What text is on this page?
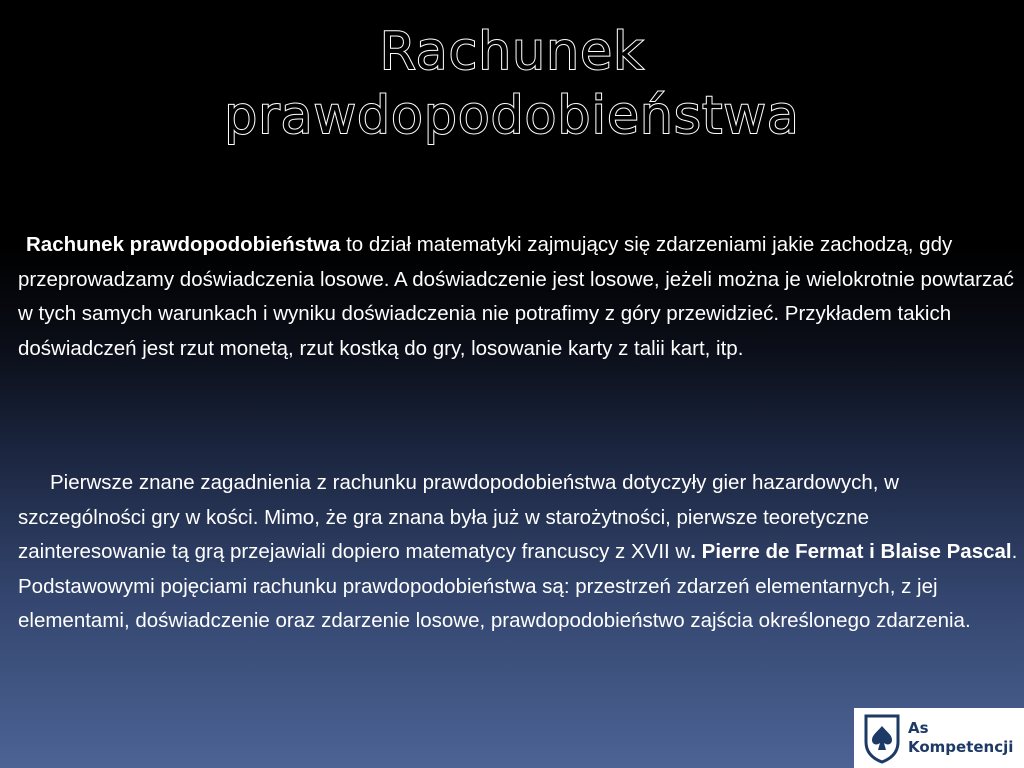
Rachunek
prawdopodobieństwa

Rachunek prawdopodobieństwa to dział matematyki zajmujący się zdarzeniami jakie zachodzą, gdy przeprowadzamy doświadczenia losowe. A doświadczenie jest losowe, jeżeli można je wielokrotnie powtarzać w tych samych warunkach i wyniku doświadczenia nie potrafimy z góry przewidzieć. Przykładem takich doświadczeń jest rzut monetą, rzut kostką do gry, losowanie karty z talii kart, itp.

Pierwsze znane zagadnienia z rachunku prawdopodobieństwa dotyczyły gier hazardowych, w szczególności gry w kości. Mimo, że gra znana była już w starożytności, pierwsze teoretyczne zainteresowanie tą grą przejawiali dopiero matematycy francuscy z XVII w. Pierre de Fermat i Blaise Pascal. Podstawowymi pojęciami rachunku prawdopodobieństwa są: przestrzeń zdarzeń elementarnych, z jej elementami, doświadczenie oraz zdarzenie losowe, prawdopodobieństwo zajścia określonego zdarzenia.

As
Kompetencji
